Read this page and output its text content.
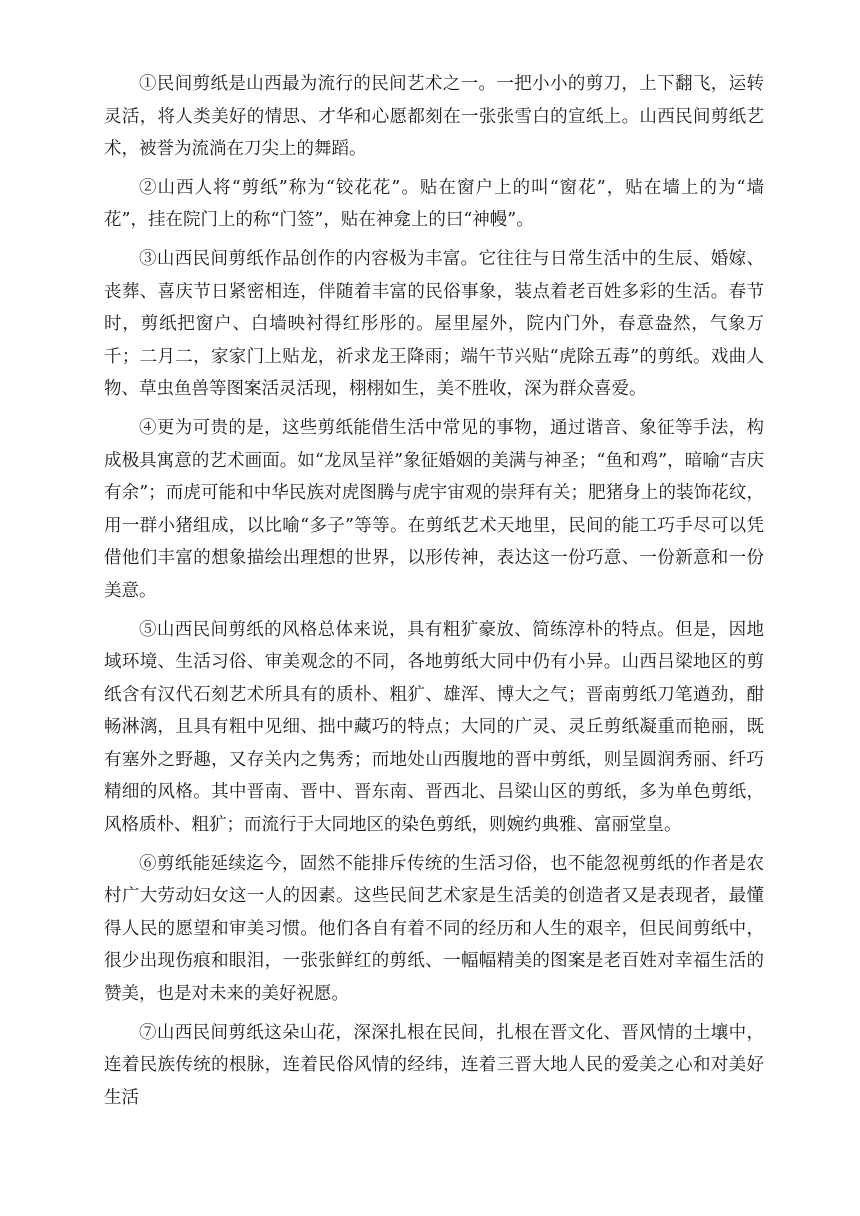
①民间剪纸是山西最为流行的民间艺术之一。一把小小的剪刀，上下翻飞，运转灵活，将人类美好的情思、才华和心愿都刻在一张张雪白的宣纸上。山西民间剪纸艺术，被誉为流淌在刀尖上的舞蹈。

②山西人将“剪纸”称为“铰花花”。贴在窗户上的叫“窗花”，贴在墙上的为“墙花”，挂在院门上的称“门签”，贴在神龛上的曰“神幔”。

③山西民间剪纸作品创作的内容极为丰富。它往往与日常生活中的生辰、婚嫁、丧葬、喜庆节日紧密相连，伴随着丰富的民俗事象，装点着老百姓多彩的生活。春节时，剪纸把窗户、白墙映衬得红彤彤的。屋里屋外，院内门外，春意盎然，气象万千；二月二，家家门上贴龙，祈求龙王降雨；端午节兴贴“虎除五毒”的剪纸。戏曲人物、草虫鱼兽等图案活灵活现，栩栩如生，美不胜收，深为群众喜爱。

④更为可贵的是，这些剪纸能借生活中常见的事物，通过谐音、象征等手法，构成极具寓意的艺术画面。如“龙凤呈祥”象征婚姻的美满与神圣；“鱼和鸡”，暗喻“吉庆有余”；而虎可能和中华民族对虎图腾与虎宇宙观的崇拜有关；肥猪身上的装饰花纹，用一群小猪组成，以比喻“多子”等等。在剪纸艺术天地里，民间的能工巧手尽可以凭借他们丰富的想象描绘出理想的世界，以形传神，表达这一份巧意、一份新意和一份美意。

⑤山西民间剪纸的风格总体来说，具有粗犷豪放、简练淳朴的特点。但是，因地域环境、生活习俗、审美观念的不同，各地剪纸大同中仍有小异。山西吕梁地区的剪纸含有汉代石刻艺术所具有的质朴、粗犷、雄浑、博大之气；晋南剪纸刀笔遒劲，酣畅淋漓，且具有粗中见细、拙中藏巧的特点；大同的广灵、灵丘剪纸凝重而艳丽，既有塞外之野趣，又存关内之隽秀；而地处山西腹地的晋中剪纸，则呈圆润秀丽、纤巧精细的风格。其中晋南、晋中、晋东南、晋西北、吕梁山区的剪纸，多为单色剪纸，风格质朴、粗犷；而流行于大同地区的染色剪纸，则婉约典雅、富丽堂皇。

⑥剪纸能延续迄今，固然不能排斥传统的生活习俗，也不能忽视剪纸的作者是农村广大劳动妇女这一人的因素。这些民间艺术家是生活美的创造者又是表现者，最懂得人民的愿望和审美习惯。他们各自有着不同的经历和人生的艰辛，但民间剪纸中，很少出现伤痕和眼泪，一张张鲜红的剪纸、一幅幅精美的图案是老百姓对幸福生活的赞美，也是对未来的美好祝愿。

⑦山西民间剪纸这朵山花，深深扎根在民间，扎根在晋文化、晋风情的土壤中，连着民族传统的根脉，连着民俗风情的经纬，连着三晋大地人民的爱美之心和对美好生活
